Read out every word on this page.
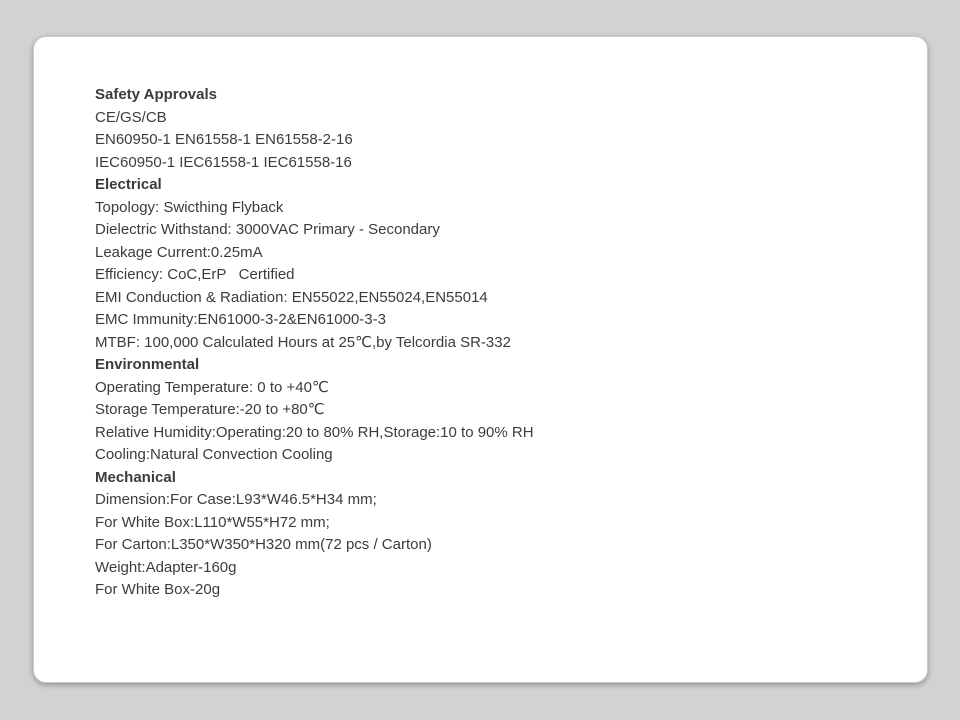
Safety Approvals
CE/GS/CB
EN60950-1 EN61558-1 EN61558-2-16
IEC60950-1 IEC61558-1 IEC61558-16
Electrical
Topology: Swicthing Flyback
Dielectric Withstand: 3000VAC Primary - Secondary
Leakage Current:0.25mA
Efficiency: CoC,ErP   Certified
EMI Conduction & Radiation: EN55022,EN55024,EN55014
EMC Immunity:EN61000-3-2&EN61000-3-3
MTBF: 100,000 Calculated Hours at 25℃,by Telcordia SR-332
Environmental
Operating Temperature: 0 to +40℃
Storage Temperature:-20 to +80℃
Relative Humidity:Operating:20 to 80% RH,Storage:10 to 90% RH
Cooling:Natural Convection Cooling
Mechanical
Dimension:For Case:L93*W46.5*H34 mm;
For White Box:L110*W55*H72 mm;
For Carton:L350*W350*H320 mm(72 pcs / Carton)
Weight:Adapter-160g
For White Box-20g
